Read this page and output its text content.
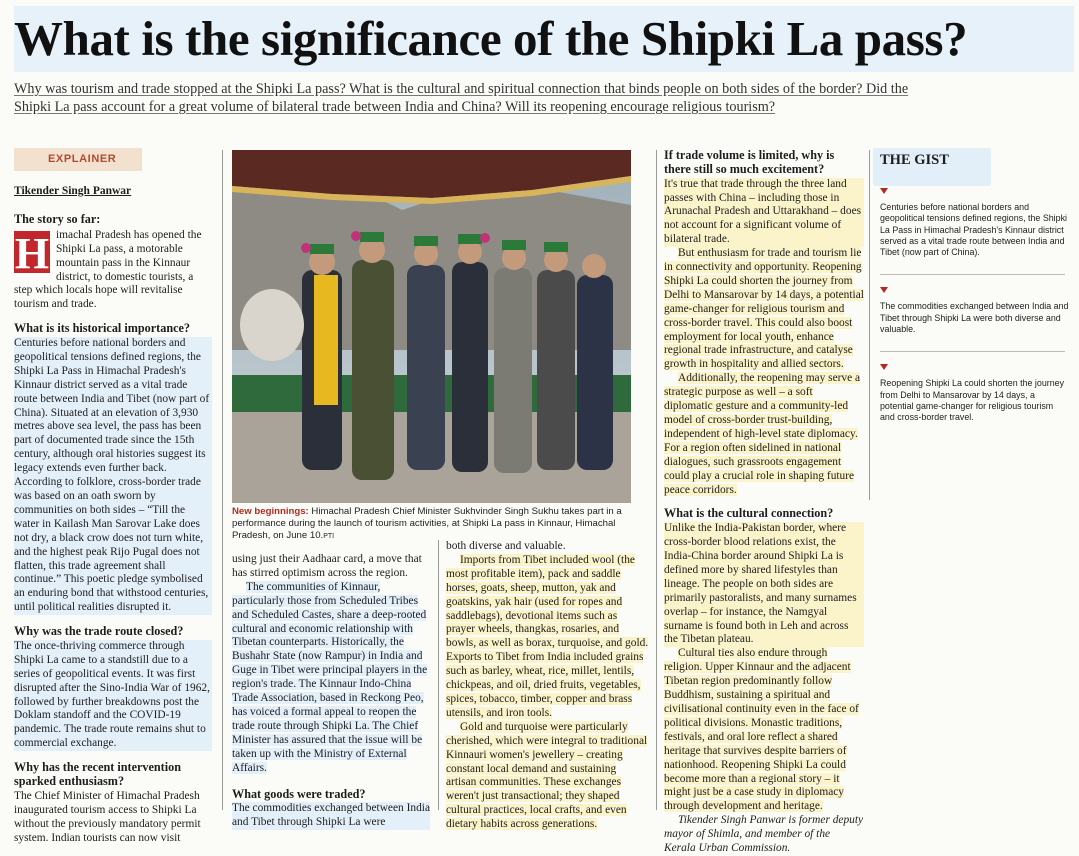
What is the significance of the Shipki La pass?
Why was tourism and trade stopped at the Shipki La pass? What is the cultural and spiritual connection that binds people on both sides of the border? Did the
Shipki La pass account for a great volume of bilateral trade between India and China? Will its reopening encourage religious tourism?
EXPLAINER
Tikender Singh Panwar
The story so far:
H imachal Pradesh has opened the Shipki La pass, a motorable mountain pass in the Kinnaur district, to domestic tourists, a step which locals hope will revitalise tourism and trade.

What is its historical importance?

Centuries before national borders and geopolitical tensions defined regions, the Shipki La Pass in Himachal Pradesh's Kinnaur district served as a vital trade route between India and Tibet (now part of China). Situated at an elevation of 3,930 metres above sea level, the pass has been part of documented trade since the 15th century, although oral histories suggest its legacy extends even further back. According to folklore, cross-border trade was based on an oath sworn by communities on both sides – “Till the water in Kailash Man Sarovar Lake does not dry, a black crow does not turn white, and the highest peak Rijo Pugal does not flatten, this trade agreement shall continue.” This poetic pledge symbolised an enduring bond that withstood centuries, until political realities disrupted it.

Why was the trade route closed?

The once-thriving commerce through Shipki La came to a standstill due to a series of geopolitical events. It was first disrupted after the Sino-India War of 1962, followed by further breakdowns post the Doklam standoff and the COVID-19 pandemic. The trade route remains shut to commercial exchange.

Why has the recent intervention sparked enthusiasm?

The Chief Minister of Himachal Pradesh inaugurated tourism access to Shipki La without the previously mandatory permit system. Indian tourists can now visit

New beginnings: Himachal Pradesh Chief Minister Sukhvinder Singh Sukhu takes part in a performance during the launch of tourism activities, at Shipki La pass in Kinnaur, Himachal Pradesh, on June 10.PTI

using just their Aadhaar card, a move that has stirred optimism across the region.

The communities of Kinnaur, particularly those from Scheduled Tribes and Scheduled Castes, share a deep-rooted cultural and economic relationship with Tibetan counterparts. Historically, the Bushahr State (now Rampur) in India and Guge in Tibet were principal players in the region's trade. The Kinnaur Indo-China Trade Association, based in Reckong Peo, has voiced a formal appeal to reopen the trade route through Shipki La. The Chief Minister has assured that the issue will be taken up with the Ministry of External Affairs.

What goods were traded?

The commodities exchanged between India and Tibet through Shipki La were

both diverse and valuable.

Imports from Tibet included wool (the most profitable item), pack and saddle horses, goats, sheep, mutton, yak and goatskins, yak hair (used for ropes and saddlebags), devotional items such as prayer wheels, thangkas, rosaries, and bowls, as well as borax, turquoise, and gold. Exports to Tibet from India included grains such as barley, wheat, rice, millet, lentils, chickpeas, and oil, dried fruits, vegetables, spices, tobacco, timber, copper and brass utensils, and iron tools.

Gold and turquoise were particularly cherished, which were integral to traditional Kinnauri women's jewellery – creating constant local demand and sustaining artisan communities. These exchanges weren't just transactional; they shaped cultural practices, local crafts, and even dietary habits across generations.

If trade volume is limited, why is there still so much excitement?

It's true that trade through the three land passes with China – including those in Arunachal Pradesh and Uttarakhand – does not account for a significant volume of bilateral trade.

But enthusiasm for trade and tourism lie in connectivity and opportunity. Reopening Shipki La could shorten the journey from Delhi to Mansarovar by 14 days, a potential game-changer for religious tourism and cross-border travel. This could also boost employment for local youth, enhance regional trade infrastructure, and catalyse growth in hospitality and allied sectors.

Additionally, the reopening may serve a strategic purpose as well – a soft diplomatic gesture and a community-led model of cross-border trust-building, independent of high-level state diplomacy. For a region often sidelined in national dialogues, such grassroots engagement could play a crucial role in shaping future peace corridors.

What is the cultural connection?

Unlike the India-Pakistan border, where cross-border blood relations exist, the India-China border around Shipki La is defined more by shared lifestyles than lineage. The people on both sides are primarily pastoralists, and many surnames overlap – for instance, the Namgyal surname is found both in Leh and across the Tibetan plateau.

Cultural ties also endure through religion. Upper Kinnaur and the adjacent Tibetan region predominantly follow Buddhism, sustaining a spiritual and civilisational continuity even in the face of political divisions. Monastic traditions, festivals, and oral lore reflect a shared heritage that survives despite barriers of nationhood. Reopening Shipki La could become more than a regional story – it might just be a case study in diplomacy through development and heritage.

Tikender Singh Panwar is former deputy mayor of Shimla, and member of the Kerala Urban Commission.

THE GIST
Centuries before national borders and geopolitical tensions defined regions, the Shipki La Pass in Himachal Pradesh's Kinnaur district served as a vital trade route between India and Tibet (now part of China).
The commodities exchanged between India and Tibet through Shipki La were both diverse and valuable.
Reopening Shipki La could shorten the journey from Delhi to Mansarovar by 14 days, a potential game-changer for religious tourism and cross-border travel.
